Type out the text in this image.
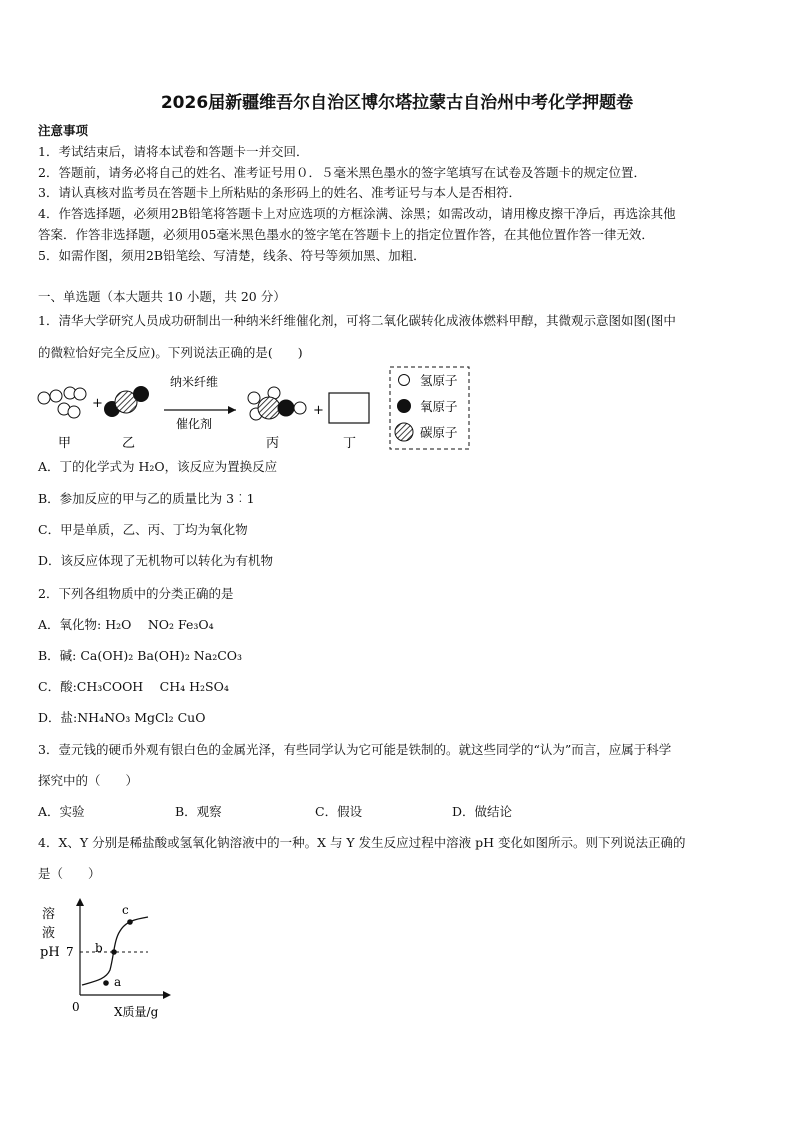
2026届新疆维吾尔自治区博尔塔拉蒙古自治州中考化学押题卷
注意事项
1．考试结束后，请将本试卷和答题卡一并交回．
2．答题前，请务必将自己的姓名、准考证号用０．５毫米黑色墨水的签字笔填写在试卷及答题卡的规定位置．
3．请认真核对监考员在答题卡上所粘贴的条形码上的姓名、准考证号与本人是否相符．
4．作答选择题，必须用2B铅笔将答题卡上对应选项的方框涂满、涂黑；如需改动，请用橡皮擦干净后，再选涂其他
答案．作答非选择题，必须用05毫米黑色墨水的签字笔在答题卡上的指定位置作答，在其他位置作答一律无效．
5．如需作图，须用2B铅笔绘、写清楚，线条、符号等须加黑、加粗．
一、单选题（本大题共 10 小题，共 20 分）
1．清华大学研究人员成功研制出一种纳米纤维催化剂，可将二氧化碳转化成液体燃料甲醇，其微观示意图如图(图中
的微粒恰好完全反应)。下列说法正确的是(　　)
+
纳米纤维
催化剂
+
甲	乙	丙	丁
氢原子
氧原子
碳原子
A．丁的化学式为 H₂O，该反应为置换反应
B．参加反应的甲与乙的质量比为 3︰1
C．甲是单质，乙、丙、丁均为氧化物
D．该反应体现了无机物可以转化为有机物
2．下列各组物质中的分类正确的是
A．氧化物: H₂O　 NO₂ Fe₃O₄
B．碱: Ca(OH)₂ Ba(OH)₂ Na₂CO₃
C．酸:CH₃COOH　 CH₄ H₂SO₄
D．盐:NH₄NO₃ MgCl₂ CuO
3．壹元钱的硬币外观有银白色的金属光泽，有些同学认为它可能是铁制的。就这些同学的“认为”而言，应属于科学
探究中的（　　）
A．实验	B．观察	C．假设	D．做结论
4．X、Y 分别是稀盐酸或氢氧化钠溶液中的一种。X 与 Y 发生反应过程中溶液 pH 变化如图所示。则下列说法正确的
是（　　）
溶
液
pH 7
a
b
c
0	X质量/g
